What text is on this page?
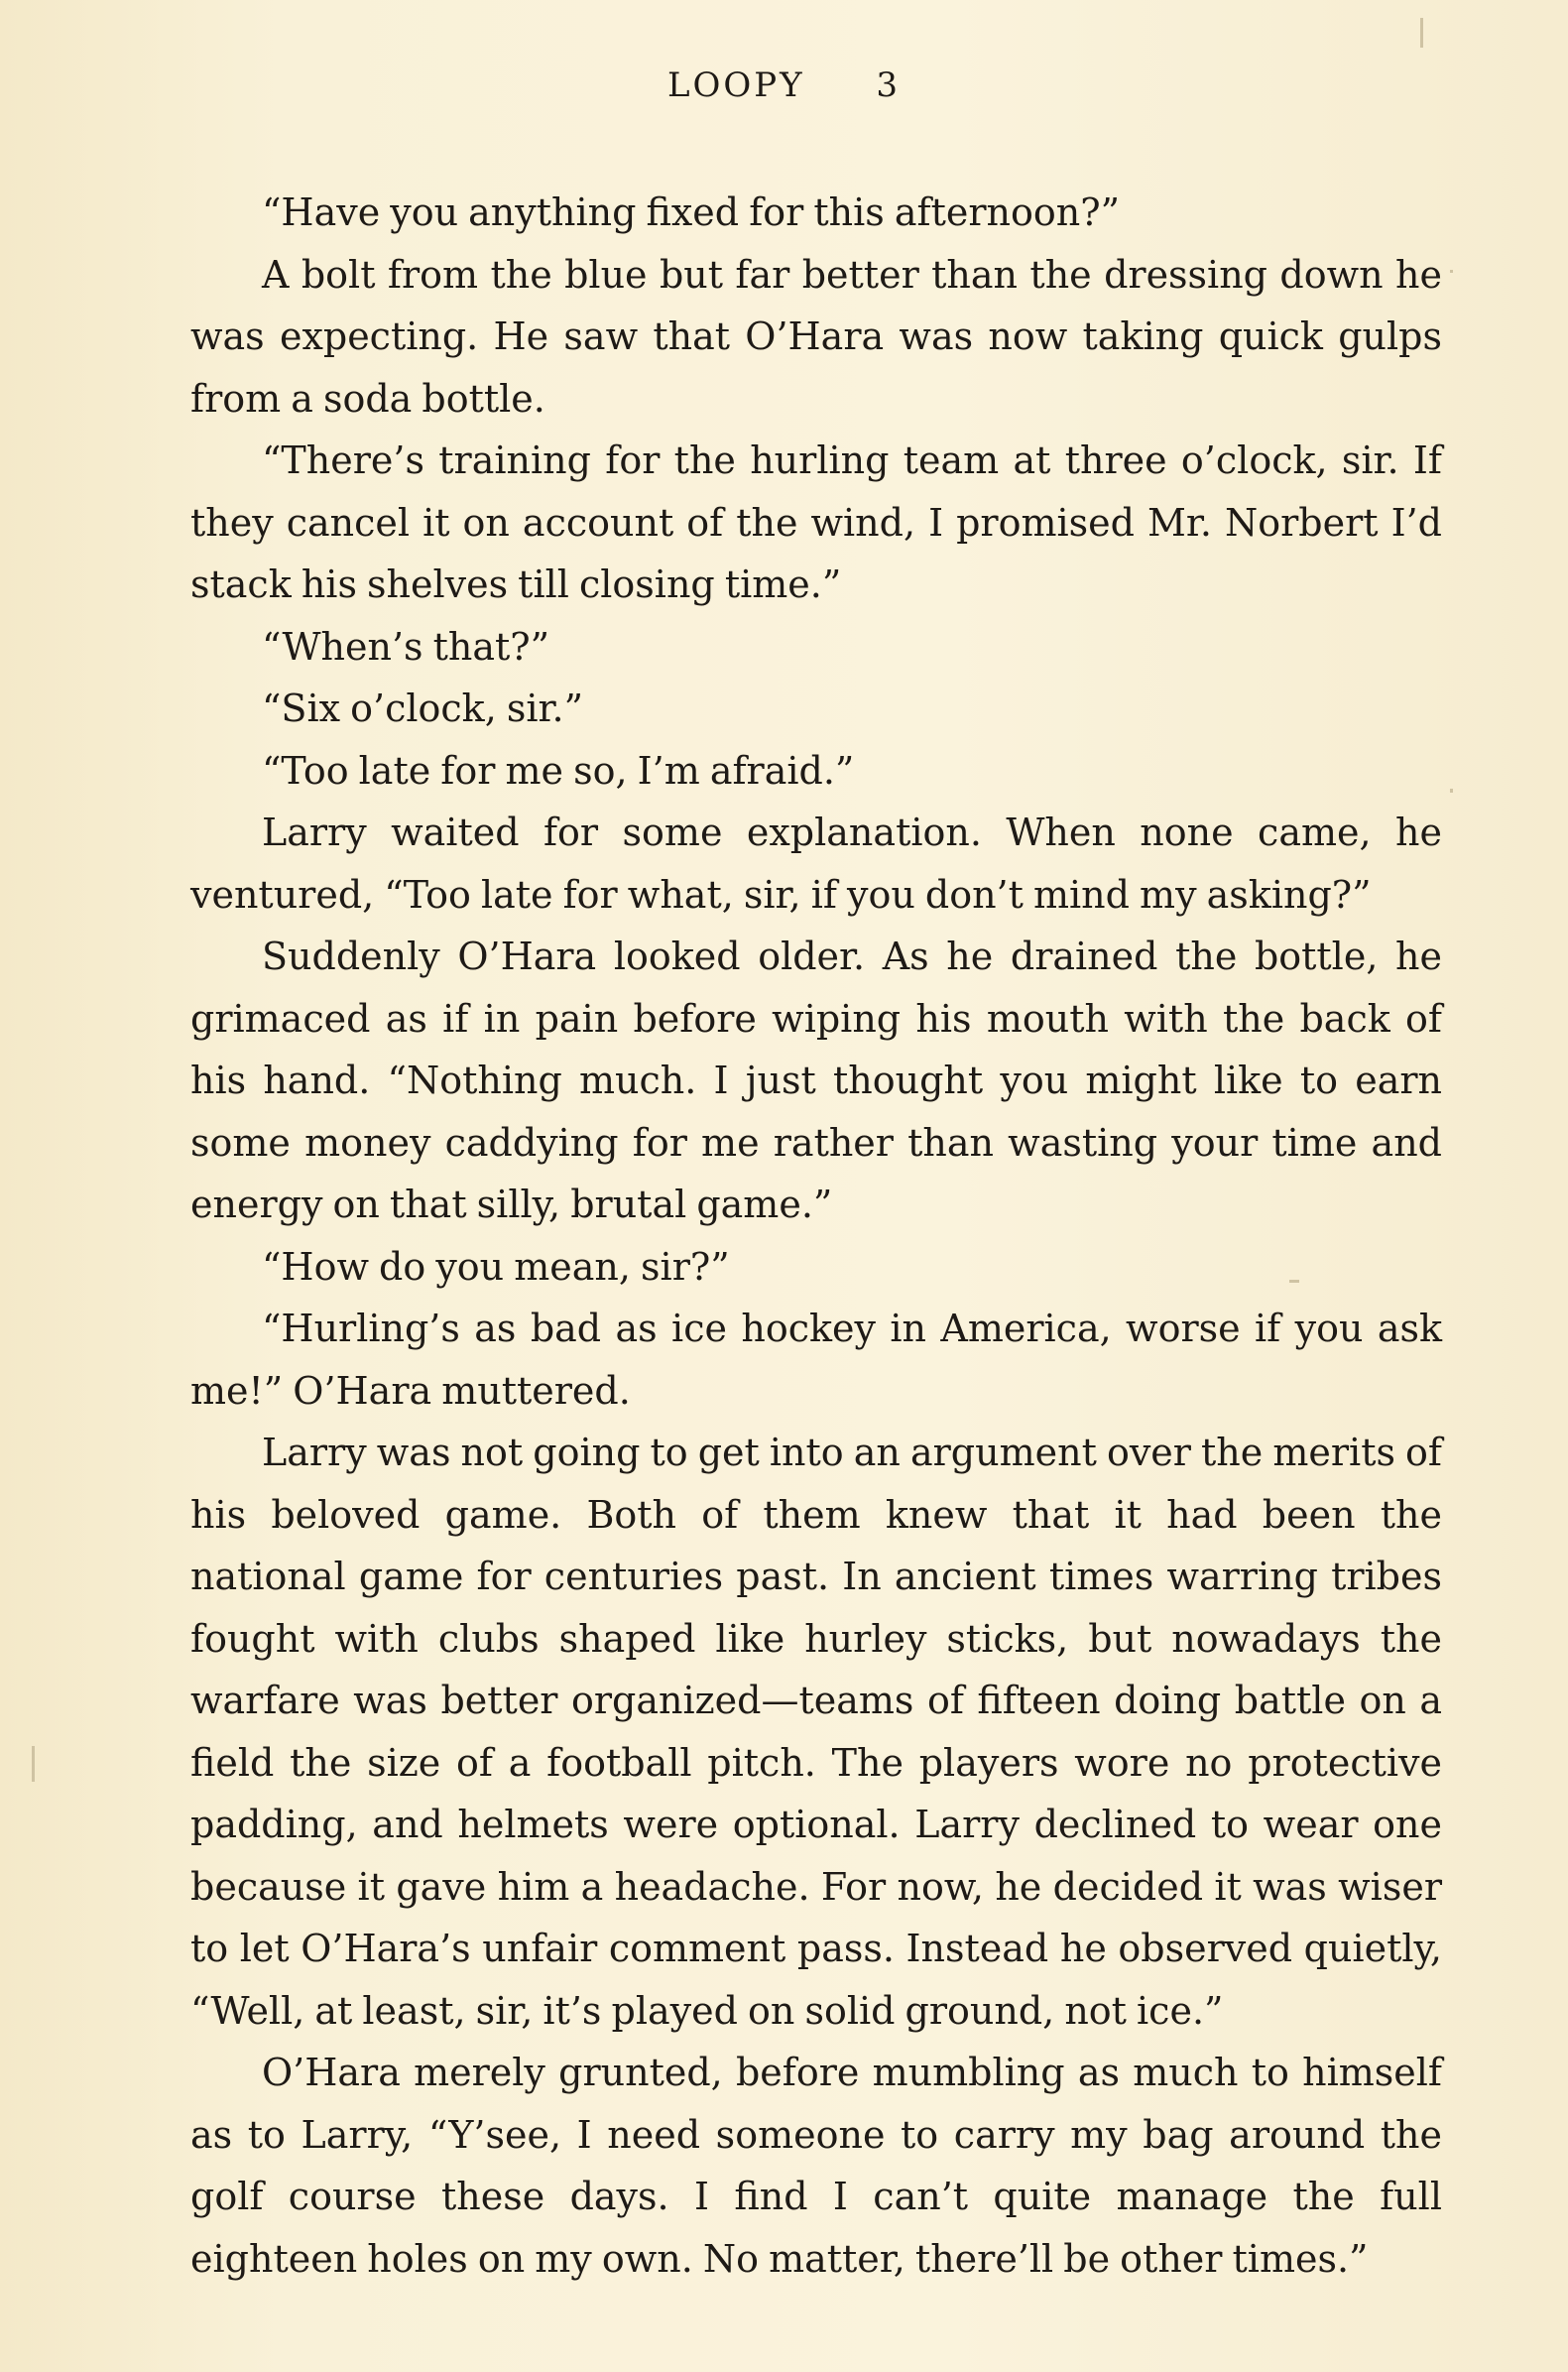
LOOPY 3

“Have you anything fixed for this afternoon?”

A bolt from the blue but far better than the dressing down he was expecting. He saw that O’Hara was now taking quick gulps from a soda bottle.

“There’s training for the hurling team at three o’clock, sir. If they cancel it on account of the wind, I promised Mr. Norbert I’d stack his shelves till closing time.”

“When’s that?”

“Six o’clock, sir.”

“Too late for me so, I’m afraid.”

Larry waited for some explanation. When none came, he ventured, “Too late for what, sir, if you don’t mind my asking?”

Suddenly O’Hara looked older. As he drained the bottle, he grimaced as if in pain before wiping his mouth with the back of his hand. “Nothing much. I just thought you might like to earn some money caddying for me rather than wasting your time and energy on that silly, brutal game.”

“How do you mean, sir?”

“Hurling’s as bad as ice hockey in America, worse if you ask me!” O’Hara muttered.

Larry was not going to get into an argument over the merits of his beloved game. Both of them knew that it had been the national game for centuries past. In ancient times warring tribes fought with clubs shaped like hurley sticks, but nowadays the warfare was better organized—teams of fifteen doing battle on a field the size of a football pitch. The players wore no protective padding, and helmets were optional. Larry declined to wear one because it gave him a headache. For now, he decided it was wiser to let O’Hara’s unfair comment pass. Instead he observed quietly, “Well, at least, sir, it’s played on solid ground, not ice.”

O’Hara merely grunted, before mumbling as much to himself as to Larry, “Y’see, I need someone to carry my bag around the golf course these days. I find I can’t quite manage the full eighteen holes on my own. No matter, there’ll be other times.”
